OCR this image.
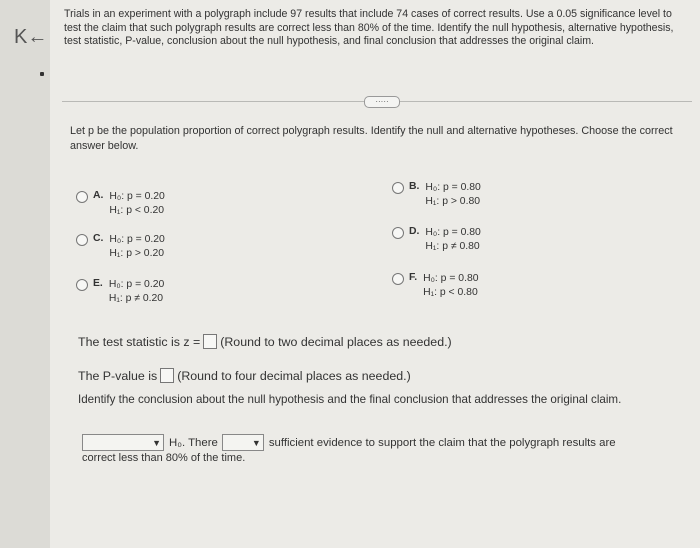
K←
Trials in an experiment with a polygraph include 97 results that include 74 cases of correct results. Use a 0.05 significance level to test the claim that such polygraph results are correct less than 80% of the time. Identify the null hypothesis, alternative hypothesis, test statistic, P-value, conclusion about the null hypothesis, and final conclusion that addresses the original claim.
·····
Let p be the population proportion of correct polygraph results. Identify the null and alternative hypotheses. Choose the correct answer below.
A. H₀: p = 0.20
H₁: p < 0.20
B. H₀: p = 0.80
H₁: p > 0.80
C. H₀: p = 0.20
H₁: p > 0.20
D. H₀: p = 0.80
H₁: p ≠ 0.80
E. H₀: p = 0.20
H₁: p ≠ 0.20
F. H₀: p = 0.80
H₁: p < 0.80
The test statistic is z = (Round to two decimal places as needed.)
The P-value is (Round to four decimal places as needed.)
Identify the conclusion about the null hypothesis and the final conclusion that addresses the original claim.
▼ H₀. There	▼ sufficient evidence to support the claim that the polygraph results are
correct less than 80% of the time.
